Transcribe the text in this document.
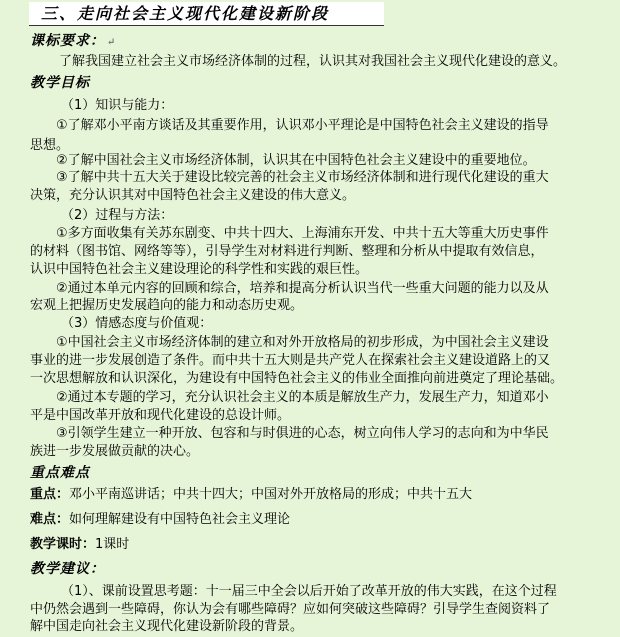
三、走向社会主义现代化建设新阶段
课标要求： ↵
了解我国建立社会主义市场经济体制的过程，认识其对我国社会主义现代化建设的意义。
教学目标
（1）知识与能力：
①了解邓小平南方谈话及其重要作用，认识邓小平理论是中国特色社会主义建设的指导
思想。
②了解中国社会主义市场经济体制，认识其在中国特色社会主义建设中的重要地位。
③了解中共十五大关于建设比较完善的社会主义市场经济体制和进行现代化建设的重大
决策，充分认识其对中国特色社会主义建设的伟大意义。
（2）过程与方法：
①多方面收集有关苏东剧变、中共十四大、上海浦东开发、中共十五大等重大历史事件
的材料（图书馆、网络等等），引导学生对材料进行判断、整理和分析从中提取有效信息，
认识中国特色社会主义建设理论的科学性和实践的艰巨性。
②通过本单元内容的回顾和综合，培养和提高分析认识当代一些重大问题的能力以及从
宏观上把握历史发展趋向的能力和动态历史观。
（3）情感态度与价值观：
①中国社会主义市场经济体制的建立和对外开放格局的初步形成，为中国社会主义建设
事业的进一步发展创造了条件。而中共十五大则是共产党人在探索社会主义建设道路上的又
一次思想解放和认识深化，为建设有中国特色社会主义的伟业全面推向前进奠定了理论基础。
②通过本专题的学习，充分认识社会主义的本质是解放生产力，发展生产力，知道邓小
平是中国改革开放和现代化建设的总设计师。
③引领学生建立一种开放、包容和与时俱进的心态，树立向伟人学习的志向和为中华民
族进一步发展做贡献的决心。
重点难点
重点：邓小平南巡讲话；中共十四大；中国对外开放格局的形成；中共十五大
难点：如何理解建设有中国特色社会主义理论
教学课时：1课时
教学建议：
（1）、课前设置思考题：十一届三中全会以后开始了改革开放的伟大实践，在这个过程
中仍然会遇到一些障碍，你认为会有哪些障碍？应如何突破这些障碍？引导学生查阅资料了
解中国走向社会主义现代化建设新阶段的背景。
